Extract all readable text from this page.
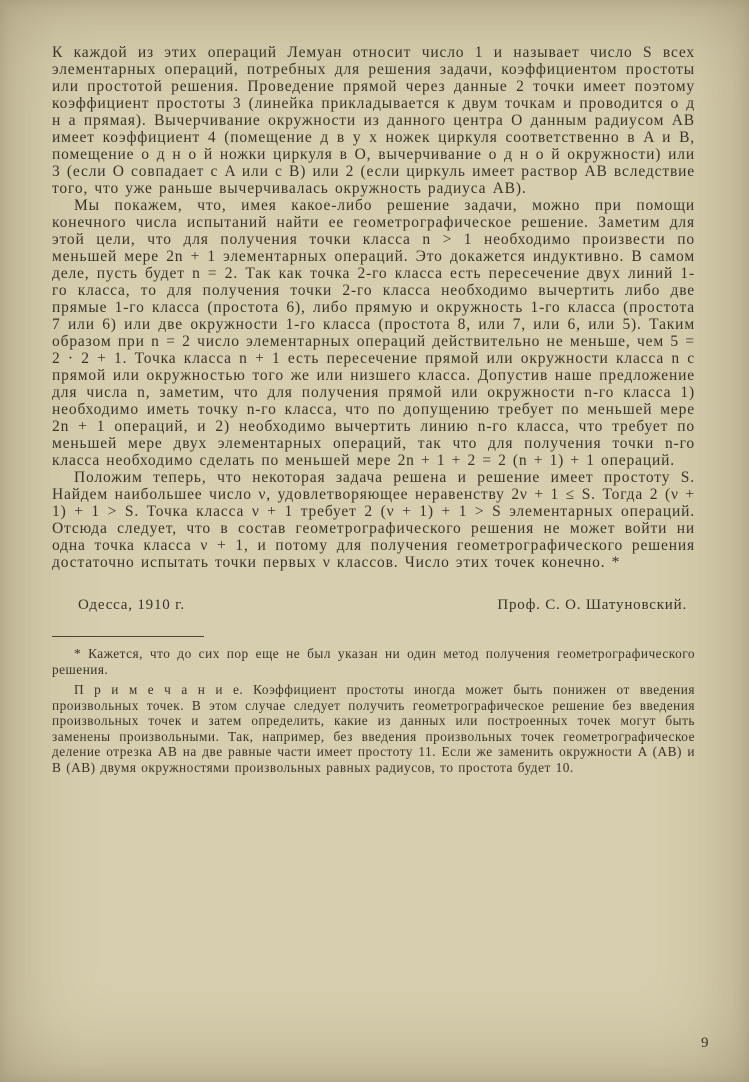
К каждой из этих операций Лемуан относит число 1 и называет число S всех элементарных операций, потребных для решения задачи, коэффициентом простоты или простотой решения. Проведение прямой через данные 2 точки имеет поэтому коэффициент простоты 3 (линейка прикладывается к двум точкам и проводится о д н а прямая). Вычерчивание окружности из данного центра O данным радиусом AB имеет коэффициент 4 (помещение д в у х ножек циркуля соответственно в A и B, помещение о д н о й ножки циркуля в O, вычерчивание о д н о й окружности) или 3 (если O совпадает с A или с B) или 2 (если циркуль имеет раствор AB вследствие того, что уже раньше вычерчивалась окружность радиуса AB).

Мы покажем, что, имея какое-либо решение задачи, можно при помощи конечного числа испытаний найти ее геометрографическое решение. Заметим для этой цели, что для получения точки класса n > 1 необходимо произвести по меньшей мере 2n + 1 элементарных операций. Это докажется индуктивно. В самом деле, пусть будет n = 2. Так как точка 2-го класса есть пересечение двух линий 1-го класса, то для получения точки 2-го класса необходимо вычертить либо две прямые 1-го класса (простота 6), либо прямую и окружность 1-го класса (простота 7 или 6) или две окружности 1-го класса (простота 8, или 7, или 6, или 5). Таким образом при n = 2 число элементарных операций действительно не меньше, чем 5 = 2 · 2 + 1. Точка класса n + 1 есть пересечение прямой или окружности класса n с прямой или окружностью того же или низшего класса. Допустив наше предложение для числа n, заметим, что для получения прямой или окружности n-го класса 1) необходимо иметь точку n-го класса, что по допущению требует по меньшей мере 2n + 1 операций, и 2) необходимо вычертить линию n-го класса, что требует по меньшей мере двух элементарных операций, так что для получения точки n-го класса необходимо сделать по меньшей мере 2n + 1 + 2 = 2 (n + 1) + 1 операций.

Положим теперь, что некоторая задача решена и решение имеет простоту S. Найдем наибольшее число ν, удовлетворяющее неравенству 2ν + 1 ≤ S. Тогда 2 (ν + 1) + 1 > S. Точка класса ν + 1 требует 2 (ν + 1) + 1 > S элементарных операций. Отсюда следует, что в состав геометрографического решения не может войти ни одна точка класса ν + 1, и потому для получения геометрографического решения достаточно испытать точки первых ν классов. Число этих точек конечно. *

Одесса, 1910 г.	Проф. С. О. Шатуновский.

* Кажется, что до сих пор еще не был указан ни один метод получения геометрографического решения.

П р и м е ч а н и е. Коэффициент простоты иногда может быть понижен от введения произвольных точек. В этом случае следует получить геометрографическое решение без введения произвольных точек и затем определить, какие из данных или построенных точек могут быть заменены произвольными. Так, например, без введения произвольных точек геометрографическое деление отрезка AB на две равные части имеет простоту 11. Если же заменить окружности A (AB) и B (AB) двумя окружностями произвольных равных радиусов, то простота будет 10.

9
